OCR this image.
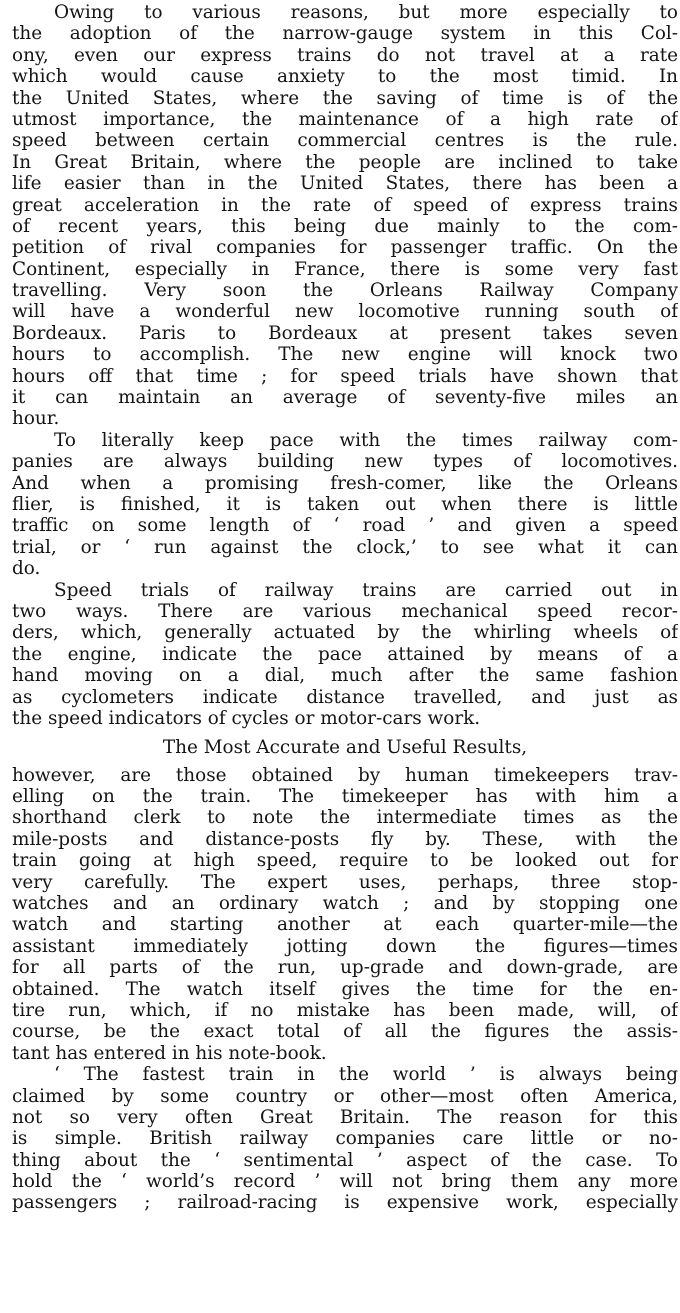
Owing to various reasons, but more especially to
the adoption of the narrow-gauge system in this Col-
ony, even our express trains do not travel at a rate
which would cause anxiety to the most timid. In
the United States, where the saving of time is of the
utmost importance, the maintenance of a high rate of
speed between certain commercial centres is the rule.
In Great Britain, where the people are inclined to take
life easier than in the United States, there has been a
great acceleration in the rate of speed of express trains
of recent years, this being due mainly to the com-
petition of rival companies for passenger traffic. On the
Continent, especially in France, there is some very fast
travelling. Very soon the Orleans Railway Company
will have a wonderful new locomotive running south of
Bordeaux. Paris to Bordeaux at present takes seven
hours to accomplish. The new engine will knock two
hours off that time ; for speed trials have shown that
it can maintain an average of seventy-five miles an
hour.
To literally keep pace with the times railway com-
panies are always building new types of locomotives.
And when a promising fresh-comer, like the Orleans
flier, is finished, it is taken out when there is little
traffic on some length of ‘ road ’ and given a speed
trial, or ‘ run against the clock,’ to see what it can
do.
Speed trials of railway trains are carried out in
two ways. There are various mechanical speed recor-
ders, which, generally actuated by the whirling wheels of
the engine, indicate the pace attained by means of a
hand moving on a dial, much after the same fashion
as cyclometers indicate distance travelled, and just as
the speed indicators of cycles or motor-cars work.
The Most Accurate and Useful Results,
however, are those obtained by human timekeepers trav-
elling on the train. The timekeeper has with him a
shorthand clerk to note the intermediate times as the
mile-posts and distance-posts fly by. These, with the
train going at high speed, require to be looked out for
very carefully. The expert uses, perhaps, three stop-
watches and an ordinary watch ; and by stopping one
watch and starting another at each quarter-mile—the
assistant immediately jotting down the figures—times
for all parts of the run, up-grade and down-grade, are
obtained. The watch itself gives the time for the en-
tire run, which, if no mistake has been made, will, of
course, be the exact total of all the figures the assis-
tant has entered in his note-book.
‘ The fastest train in the world ’ is always being
claimed by some country or other—most often America,
not so very often Great Britain. The reason for this
is simple. British railway companies care little or no-
thing about the ‘ sentimental ’ aspect of the case. To
hold the ‘ world’s record ’ will not bring them any more
passengers ; railroad-racing is expensive work, especially
